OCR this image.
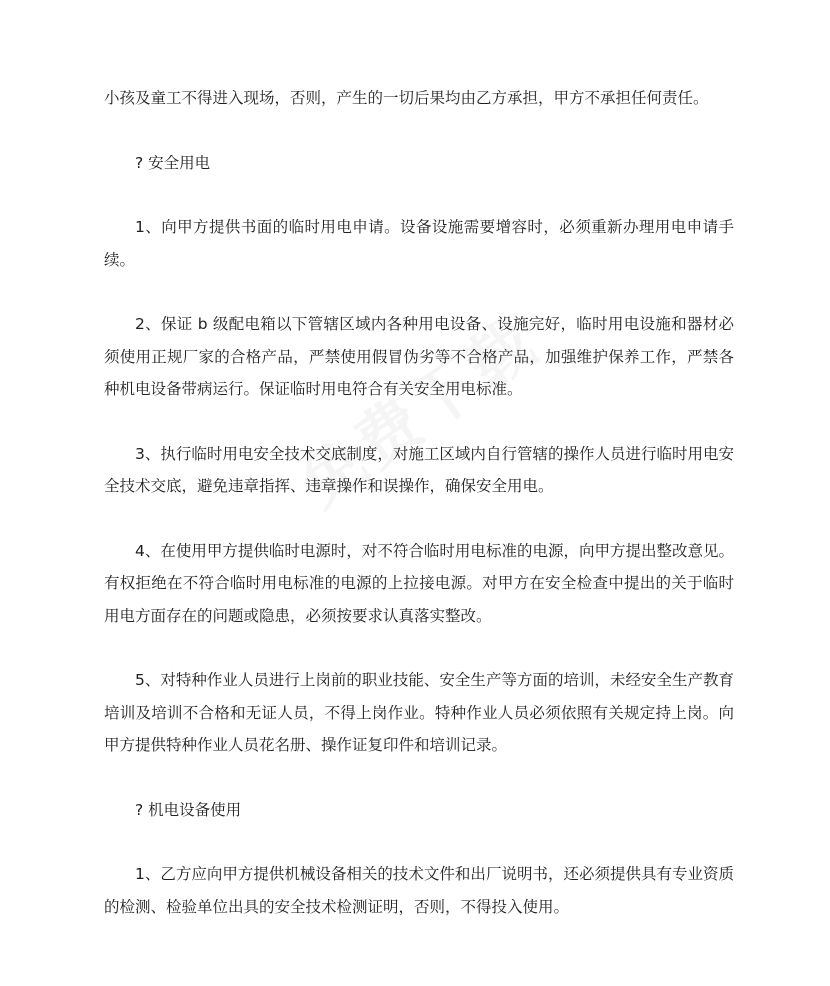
小孩及童工不得进入现场，否则，产生的一切后果均由乙方承担，甲方不承担任何责任。

? 安全用电

1、向甲方提供书面的临时用电申请。设备设施需要增容时，必须重新办理用电申请手续。

2、保证 b 级配电箱以下管辖区域内各种用电设备、设施完好，临时用电设施和器材必须使用正规厂家的合格产品，严禁使用假冒伪劣等不合格产品，加强维护保养工作，严禁各种机电设备带病运行。保证临时用电符合有关安全用电标准。

3、执行临时用电安全技术交底制度，对施工区域内自行管辖的操作人员进行临时用电安全技术交底，避免违章指挥、违章操作和误操作，确保安全用电。

4、在使用甲方提供临时电源时，对不符合临时用电标准的电源，向甲方提出整改意见。有权拒绝在不符合临时用电标准的电源的上拉接电源。对甲方在安全检查中提出的关于临时用电方面存在的问题或隐患，必须按要求认真落实整改。

5、对特种作业人员进行上岗前的职业技能、安全生产等方面的培训，未经安全生产教育培训及培训不合格和无证人员，不得上岗作业。特种作业人员必须依照有关规定持上岗。向甲方提供特种作业人员花名册、操作证复印件和培训记录。

? 机电设备使用

1、乙方应向甲方提供机械设备相关的技术文件和出厂说明书，还必须提供具有专业资质的检测、检验单位出具的安全技术检测证明，否则，不得投入使用。
